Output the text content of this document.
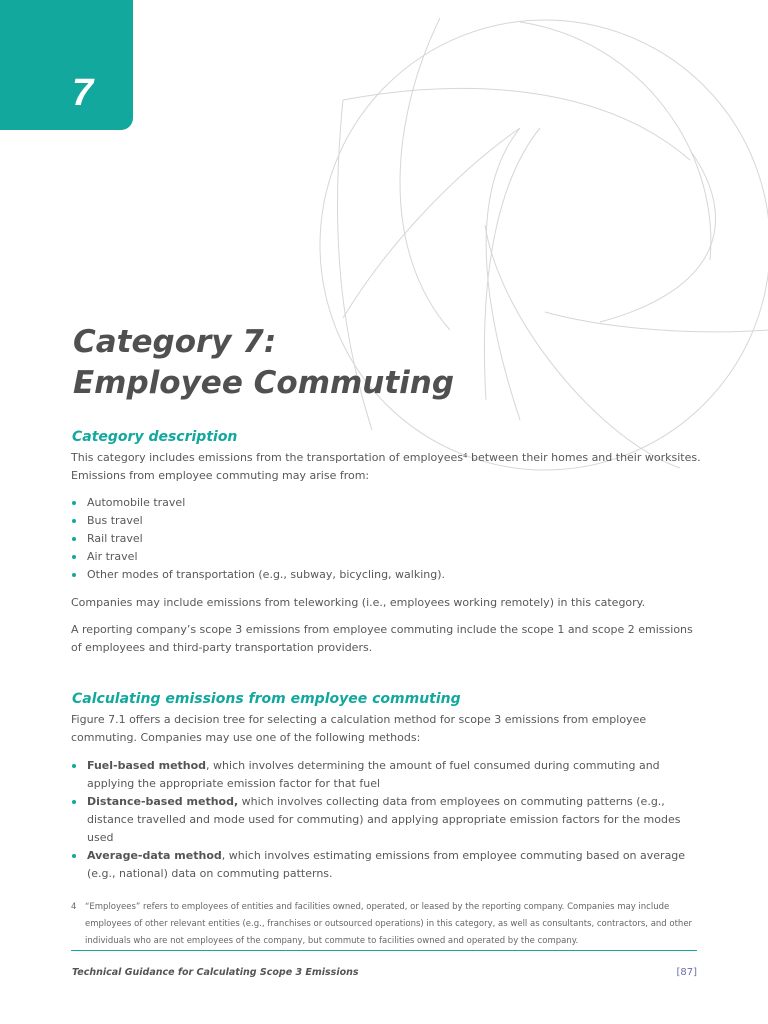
7
Category 7:
Employee Commuting
Category description

This category includes emissions from the transportation of employees⁴ between their homes and their worksites. Emissions from employee commuting may arise from:

Automobile travel
Bus travel
Rail travel
Air travel
Other modes of transportation (e.g., subway, bicycling, walking).

Companies may include emissions from teleworking (i.e., employees working remotely) in this category.

A reporting company’s scope 3 emissions from employee commuting include the scope 1 and scope 2 emissions of employees and third-party transportation providers.

Calculating emissions from employee commuting

Figure 7.1 offers a decision tree for selecting a calculation method for scope 3 emissions from employee commuting. Companies may use one of the following methods:

Fuel-based method, which involves determining the amount of fuel consumed during commuting and applying the appropriate emission factor for that fuel
Distance-based method, which involves collecting data from employees on commuting patterns (e.g., distance travelled and mode used for commuting) and applying appropriate emission factors for the modes used
Average-data method, which involves estimating emissions from employee commuting based on average (e.g., national) data on commuting patterns.
4	“Employees” refers to employees of entities and facilities owned, operated, or leased by the reporting company. Companies may include employees of other relevant entities (e.g., franchises or outsourced operations) in this category, as well as consultants, contractors, and other individuals who are not employees of the company, but commute to facilities owned and operated by the company.
Technical Guidance for Calculating Scope 3 Emissions	[87]
